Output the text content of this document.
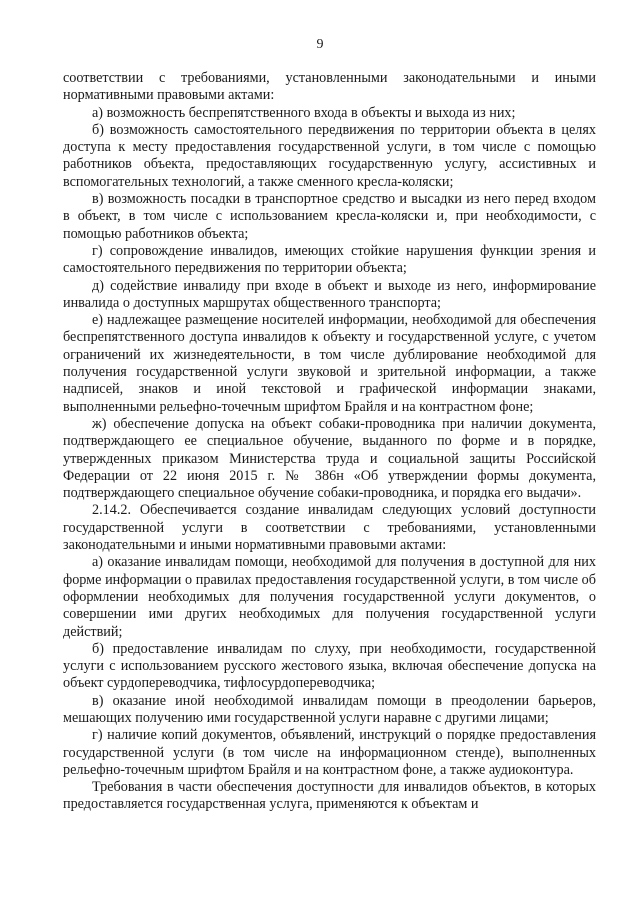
9

соответствии с требованиями, установленными законодательными и иными нормативными правовыми актами:

а) возможность беспрепятственного входа в объекты и выхода из них;

б) возможность самостоятельного передвижения по территории объекта в целях доступа к месту предоставления государственной услуги, в том числе с помощью работников объекта, предоставляющих государственную услугу, ассистивных и вспомогательных технологий, а также сменного кресла-коляски;

в) возможность посадки в транспортное средство и высадки из него перед входом в объект, в том числе с использованием кресла-коляски и, при необходимости, с помощью работников объекта;

г) сопровождение инвалидов, имеющих стойкие нарушения функции зрения и самостоятельного передвижения по территории объекта;

д) содействие инвалиду при входе в объект и выходе из него, информирование инвалида о доступных маршрутах общественного транспорта;

е) надлежащее размещение носителей информации, необходимой для обеспечения беспрепятственного доступа инвалидов к объекту и государственной услуге, с учетом ограничений их жизнедеятельности, в том числе дублирование необходимой для получения государственной услуги звуковой и зрительной информации, а также надписей, знаков и иной текстовой и графической информации знаками, выполненными рельефно-точечным шрифтом Брайля и на контрастном фоне;

ж) обеспечение допуска на объект собаки-проводника при наличии документа, подтверждающего ее специальное обучение, выданного по форме и в порядке, утвержденных приказом Министерства труда и социальной защиты Российской Федерации от 22 июня 2015 г. № 386н «Об утверждении формы документа, подтверждающего специальное обучение собаки-проводника, и порядка его выдачи».

2.14.2. Обеспечивается создание инвалидам следующих условий доступности государственной услуги в соответствии с требованиями, установленными законодательными и иными нормативными правовыми актами:

а) оказание инвалидам помощи, необходимой для получения в доступной для них форме информации о правилах предоставления государственной услуги, в том числе об оформлении необходимых для получения государственной услуги документов, о совершении ими других необходимых для получения государственной услуги действий;

б) предоставление инвалидам по слуху, при необходимости, государственной услуги с использованием русского жестового языка, включая обеспечение допуска на объект сурдопереводчика, тифлосурдопереводчика;

в) оказание иной необходимой инвалидам помощи в преодолении барьеров, мешающих получению ими государственной услуги наравне с другими лицами;

г) наличие копий документов, объявлений, инструкций о порядке предоставления государственной услуги (в том числе на информационном стенде), выполненных рельефно-точечным шрифтом Брайля и на контрастном фоне, а также аудиоконтура.

Требования в части обеспечения доступности для инвалидов объектов, в которых предоставляется государственная услуга, применяются к объектам и
